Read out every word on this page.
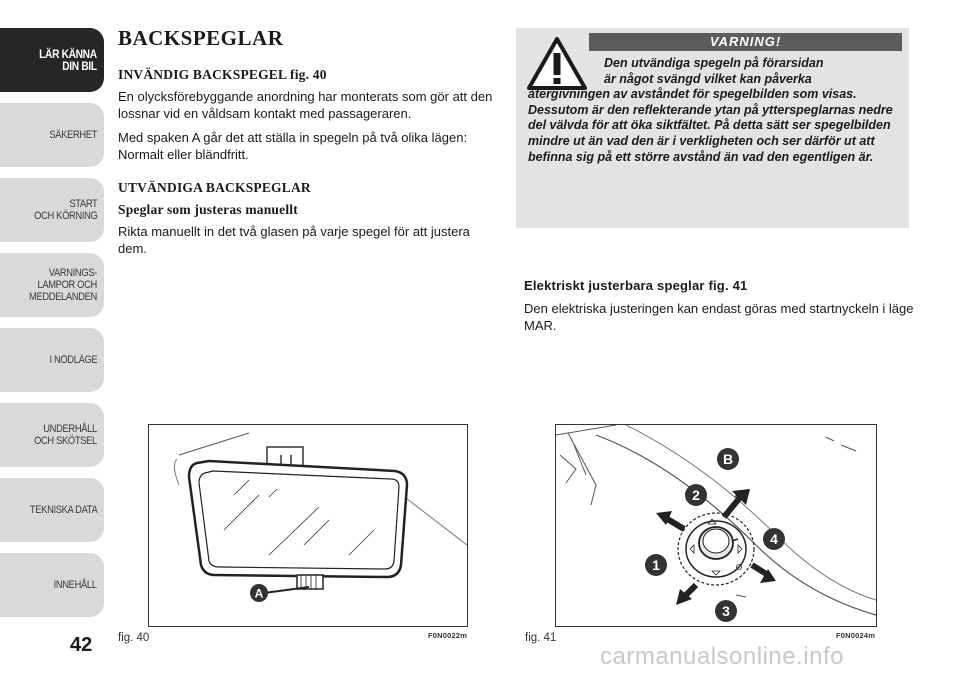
LÄR KÄNNA
DIN BIL
SÄKERHET
START
OCH KÖRNING
VARNINGS-
LAMPOR OCH
MEDDELANDEN
I NÖDLÄGE
UNDERHÅLL
OCH SKÖTSEL
TEKNISKA DATA
INNEHÅLL
42
BACKSPEGLAR
INVÄNDIG BACKSPEGEL fig. 40

En olycksförebyggande anordning har monterats som gör att den lossnar vid en våldsam kontakt med passageraren.

Med spaken A går det att ställa in spegeln på två olika lägen: Normalt eller bländfritt.

UTVÄNDIGA BACKSPEGLAR
Speglar som justeras manuellt

Rikta manuellt in det två glasen på varje spegel för att justera dem.

VARNING!
Den utvändiga spegeln på förarsidan
är något svängd vilket kan påverka
återgivningen av avståndet för spegelbilden som visas.
Dessutom är den reflekterande ytan på ytterspeglarnas nedre del välvda för att öka siktfältet. På detta sätt ser spegelbilden mindre ut än vad den är i verkligheten och ser därför ut att befinna sig på ett större avstånd än vad den egentligen är.
Elektriskt justerbara speglar fig. 41

Den elektriska justeringen kan endast göras med startnyckeln i läge MAR.

A
fig. 40	F0N0022m
B
2
4
1
3
fig. 41	F0N0024m
carmanualsonline.info
